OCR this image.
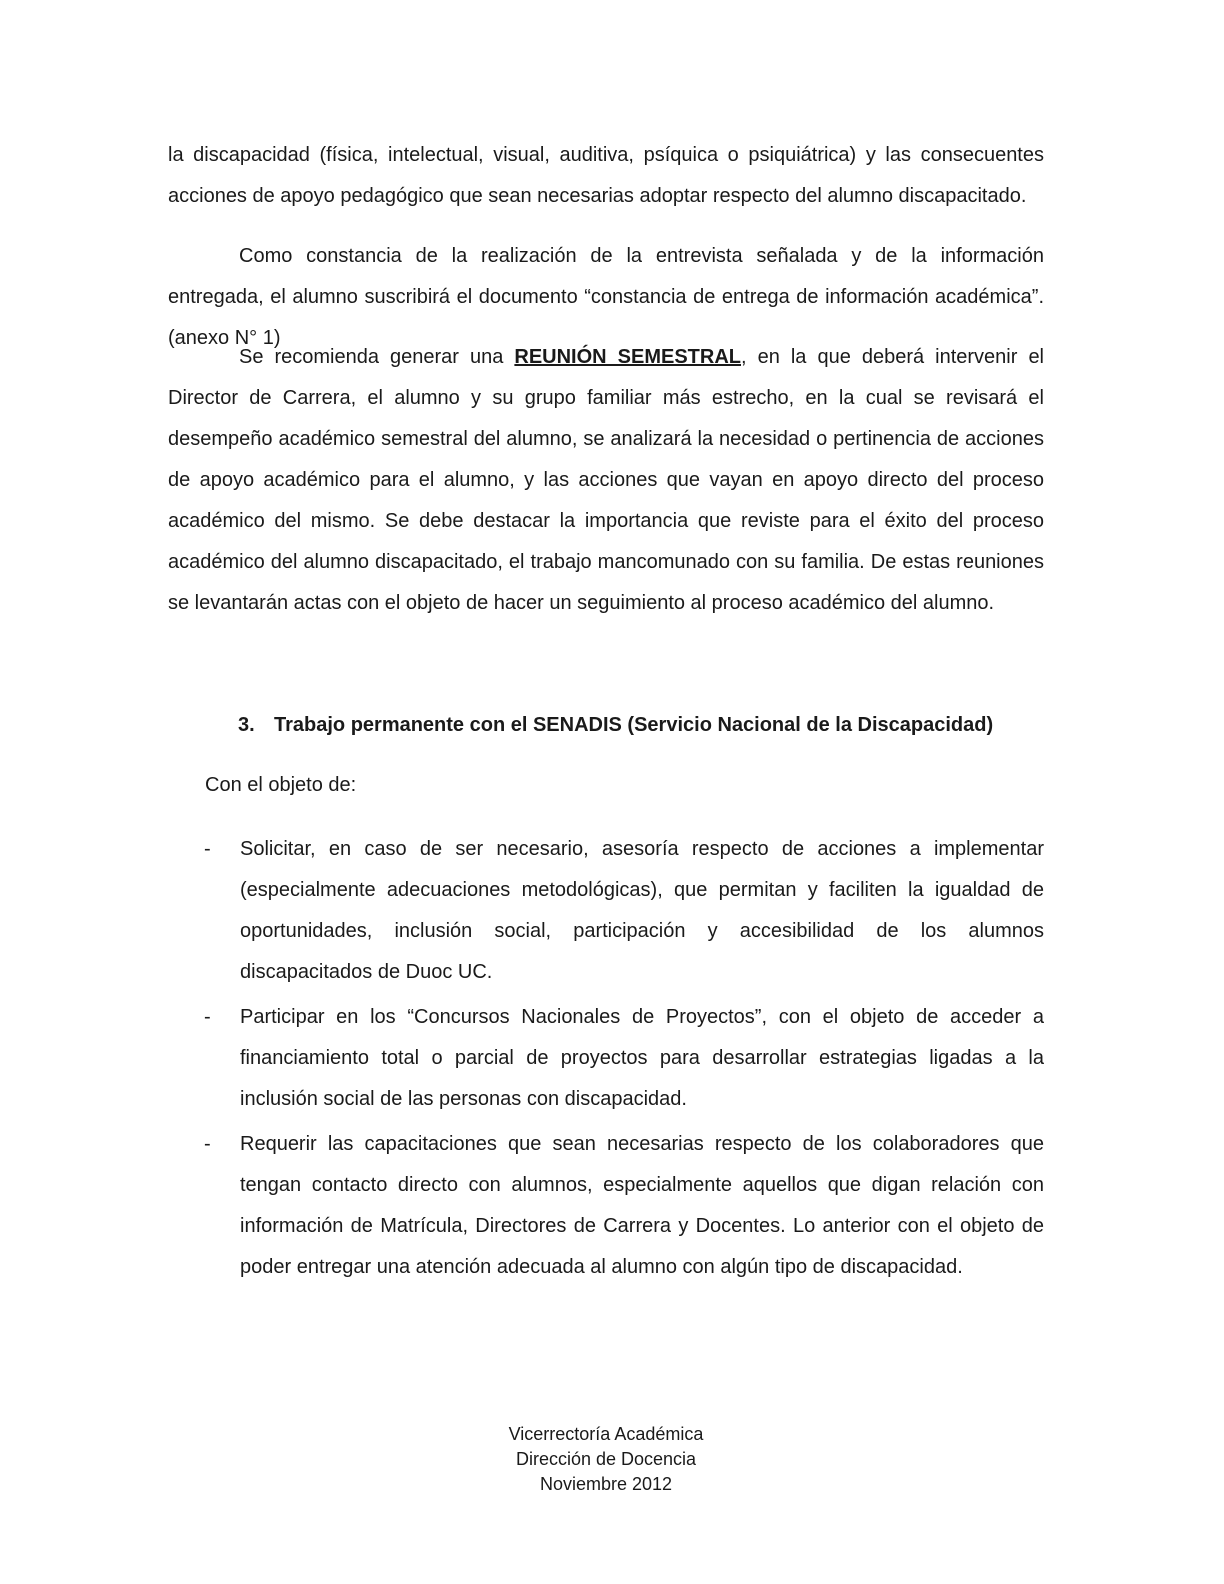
la discapacidad (física, intelectual, visual, auditiva, psíquica o psiquiátrica) y las consecuentes acciones de apoyo pedagógico que sean necesarias adoptar respecto del alumno discapacitado.

Como constancia de la realización de la entrevista señalada y de la información entregada, el alumno suscribirá el documento “constancia de entrega de información académica”. (anexo N° 1)

Se recomienda generar una REUNIÓN SEMESTRAL, en la que deberá intervenir el Director de Carrera, el alumno y su grupo familiar más estrecho, en la cual se revisará el desempeño académico semestral del alumno, se analizará la necesidad o pertinencia de acciones de apoyo académico para el alumno, y las acciones que vayan en apoyo directo del proceso académico del mismo. Se debe destacar la importancia que reviste para el éxito del proceso académico del alumno discapacitado, el trabajo mancomunado con su familia. De estas reuniones se levantarán actas con el objeto de hacer un seguimiento al proceso académico del alumno.

3. Trabajo permanente con el SENADIS (Servicio Nacional de la Discapacidad)

Con el objeto de:

- Solicitar, en caso de ser necesario, asesoría respecto de acciones a implementar (especialmente adecuaciones metodológicas), que permitan y faciliten la igualdad de oportunidades, inclusión social, participación y accesibilidad de los alumnos discapacitados de Duoc UC.
- Participar en los “Concursos Nacionales de Proyectos”, con el objeto de acceder a financiamiento total o parcial de proyectos para desarrollar estrategias ligadas a la inclusión social de las personas con discapacidad.
- Requerir las capacitaciones que sean necesarias respecto de los colaboradores que tengan contacto directo con alumnos, especialmente aquellos que digan relación con información de Matrícula, Directores de Carrera y Docentes. Lo anterior con el objeto de poder entregar una atención adecuada al alumno con algún tipo de discapacidad.
Vicerrectoría Académica
Dirección de Docencia
Noviembre 2012
